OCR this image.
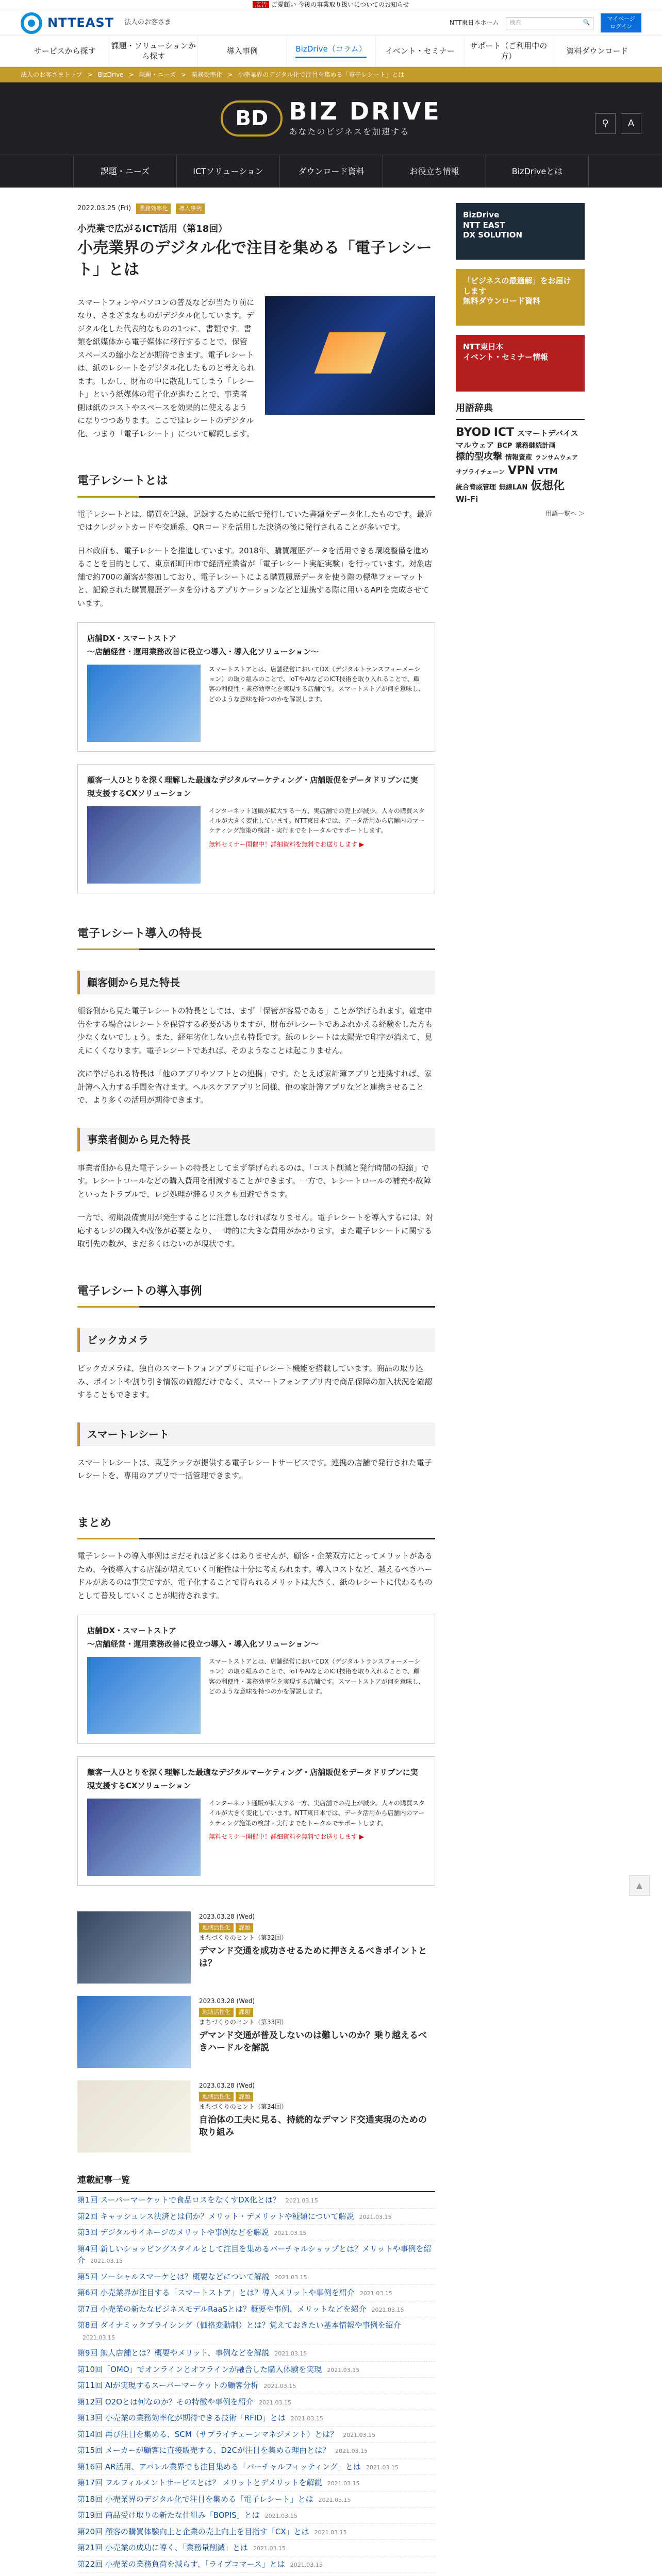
広告 ご愛顧い 今後の事業取り扱いについてのお知らせ
NTTEAST 法人のお客さま	NTT東日本ホーム 検索	🔍
マイページ
ログイン
サービスから探す
課題・ソリューションから探す
導入事例	BizDrive（コラム） イベント・セミナー
サポート（ご利用中の方）
資料ダウンロード
法人のお客さまトップ > BizDrive > 課題・ニーズ > 業務効率化 > 小売業界のデジタル化で注目を集める「電子レシート」とは
BD BIZ DRIVE
あなたのビジネスを加速する
⚲	A
課題・ニーズ	ICTソリューション	ダウンロード資料	お役立ち情報	BizDriveとは
2022.03.25 (Fri)	業務効率化	導入事例
小売業で広がるICT活用（第18回）
小売業界のデジタル化で注目を集める「電子レシート」とは

スマートフォンやパソコンの普及などが当たり前になり、さまざまなものがデジタル化しています。デジタル化した代表的なものの1つに、書類です。書類を紙媒体から電子媒体に移行することで、保管スペースの縮小などが期待できます。電子レシートは、紙のレシートをデジタル化したものと考えられます。しかし、財布の中に散乱してしまう「レシート」という紙媒体の電子化が進むことで、事業者側は紙のコストやスペースを効果的に使えるようになりつつあります。ここではレシートのデジタル化、つまり「電子レシート」について解説します。

電子レシートとは

電子レシートとは、購買を記録、記録するために紙で発行していた書類をデータ化したものです。最近ではクレジットカードや交通系、QRコードを活用した決済の後に発行されることが多いです。

日本政府も、電子レシートを推進しています。2018年、購買履歴データを活用できる環境整備を進めることを目的として、東京都町田市で経済産業省が「電子レシート実証実験」を行っています。対象店舗で約700の顧客が参加しており、電子レシートによる購買履歴データを使う際の標準フォーマットと、記録された購買履歴データを分けるアプリケーションなどと連携する際に用いるAPIを完成させています。

店舗DX・スマートストア
～店舗経営・運用業務改善に役立つ導入・導入化ソリューション～
スマートストアとは、店舗経営においてDX（デジタルトランスフォーメーション）の取り組みのことで、IoTやAIなどのICT技術を取り入れることで、顧客の利便性・業務効率化を実現する店舗です。スマートストアが何を意味し、どのような意味を持つのかを解説します。
顧客一人ひとりを深く理解した最適なデジタルマーケティング・店舗販促をデータドリブンに実現支援するCXソリューション
インターネット通販が拡大する一方、実店舗での売上が減少。人々の購買スタイルが大きく変化しています。NTT東日本では、データ活用から店舗内のマーケティング施策の検討・実行までをトータルでサポートします。
無料セミナー開催中！詳細資料を無料でお送りします ▶
電子レシート導入の特長
顧客側から見た特長

顧客側から見た電子レシートの特長としては、まず「保管が容易である」ことが挙げられます。確定申告をする場合はレシートを保管する必要がありますが、財布がレシートであふれかえる経験をした方も少なくないでしょう。また、経年劣化しない点も特長です。紙のレシートは太陽光で印字が消えて、見えにくくなります。電子レシートであれば、そのようなことは起こりません。

次に挙げられる特長は「他のアプリやソフトとの連携」です。たとえば家計簿アプリと連携すれば、家計簿へ入力する手間を省けます。ヘルスケアアプリと同様、他の家計簿アプリなどと連携させることで、より多くの活用が期待できます。

事業者側から見た特長

事業者側から見た電子レシートの特長としてまず挙げられるのは、「コスト削減と発行時間の短縮」です。レシートロールなどの購入費用を削減することができます。一方で、レシートロールの補充や故障といったトラブルで、レジ処理が滞るリスクも回避できます。

一方で、初期設備費用が発生することに注意しなければなりません。電子レシートを導入するには、対応するレジの購入や改修が必要となり、一時的に大きな費用がかかります。また電子レシートに関する取引先の数が、まだ多くはないのが現状です。

電子レシートの導入事例
ビックカメラ

ビックカメラは、独自のスマートフォンアプリに電子レシート機能を搭載しています。商品の取り込み、ポイントや割り引き情報の確認だけでなく、スマートフォンアプリ内で商品保障の加入状況を確認することもできます。

スマートレシート

スマートレシートは、東芝テックが提供する電子レシートサービスです。連携の店舗で発行された電子レシートを、専用のアプリで一括管理できます。

まとめ

電子レシートの導入事例はまだそれほど多くはありませんが、顧客・企業双方にとってメリットがあるため、今後導入する店舗が増えていく可能性は十分に考えられます。導入コストなど、越えるべきハードルがあるのは事実ですが、電子化することで得られるメリットは大きく、紙のレシートに代わるものとして普及していくことが期待されます。

店舗DX・スマートストア
～店舗経営・運用業務改善に役立つ導入・導入化ソリューション～
スマートストアとは、店舗経営においてDX（デジタルトランスフォーメーション）の取り組みのことで、IoTやAIなどのICT技術を取り入れることで、顧客の利便性・業務効率化を実現する店舗です。スマートストアが何を意味し、どのような意味を持つのかを解説します。
顧客一人ひとりを深く理解した最適なデジタルマーケティング・店舗販促をデータドリブンに実現支援するCXソリューション
インターネット通販が拡大する一方、実店舗での売上が減少。人々の購買スタイルが大きく変化しています。NTT東日本では、データ活用から店舗内のマーケティング施策の検討・実行までをトータルでサポートします。
無料セミナー開催中！詳細資料を無料でお送りします ▶
2023.03.28 (Wed)
地域活性化 課題
まちづくりのヒント（第32回）
デマンド交通を成功させるために押さえるべきポイントとは？
2023.03.28 (Wed)
地域活性化 課題
まちづくりのヒント（第33回）
デマンド交通が普及しないのは難しいのか？乗り越えるべきハードルを解説
2023.03.28 (Wed)
地域活性化 課題
まちづくりのヒント（第34回）
自治体の工夫に見る、持続的なデマンド交通実現のための取り組み
連載記事一覧
第1回 スーパーマーケットで食品ロスをなくすDX化とは？ 2021.03.15
第2回 キャッシュレス決済とは何か？メリット・デメリットや種類について解説 2021.03.15
第3回 デジタルサイネージのメリットや事例などを解説 2021.03.15
第4回 新しいショッピングスタイルとして注目を集めるバーチャルショップとは？メリットや事例を紹介 2021.03.15
第5回 ソーシャルスマーケとは？概要などについて解説 2021.03.15
第6回 小売業界が注目する「スマートストア」とは？導入メリットや事例を紹介 2021.03.15
第7回 小売業の新たなビジネスモデルRaaSとは？概要や事例、メリットなどを紹介 2021.03.15
第8回 ダイナミックプライシング（価格変動制）とは？覚えておきたい基本情報や事例を紹介2021.03.15
第9回 無人店舗とは？概要やメリット、事例などを解説 2021.03.15
第10回「OMO」でオンラインとオフラインが融合した購入体験を実現 2021.03.15
第11回 AIが実現するスーパーマーケットの顧客分析 2021.03.15
第12回 O2Oとは何なのか？その特徴や事例を紹介 2021.03.15
第13回 小売業の業務効率化が期待できる技術「RFID」とは 2021.03.15
第14回 再び注目を集める、SCM（サプライチェーンマネジメント）とは？ 2021.03.15
第15回 メーカーが顧客に直接販売する、D2Cが注目を集める理由とは？ 2021.03.15
第16回 AR活用、アパレル業界でも注目集める「バーチャルフィッティング」とは 2021.03.15
第17回 フルフィルメントサービスとは？ メリットとデメリットを解説 2021.03.15
第18回 小売業界のデジタル化で注目を集める「電子レシート」とは 2021.03.15
第19回 商品受け取りの新たな仕組み「BOPIS」とは 2021.03.15
第20回 顧客の購買体験向上と企業の売上向上を目指す「CX」とは 2021.03.15
第21回 小売業の成功に導く、「業務量削減」とは 2021.03.15
第22回 小売業の業務負荷を減らす、「ライブコマース」とは 2021.03.15
BizDrive
NTT EAST
DX SOLUTION
「ビジネスの最適解」をお届けします
無料ダウンロード資料
NTT東日本
イベント・セミナー情報
用語辞典
BYOD ICT スマートデバイスマルウェア BCP 業務継続計画標的型攻撃 情報資産 ランサムウェアサプライチェーン VPN VTM統合脅威管理 無線LAN 仮想化Wi-Fi
用語一覧へ ＞
▲
